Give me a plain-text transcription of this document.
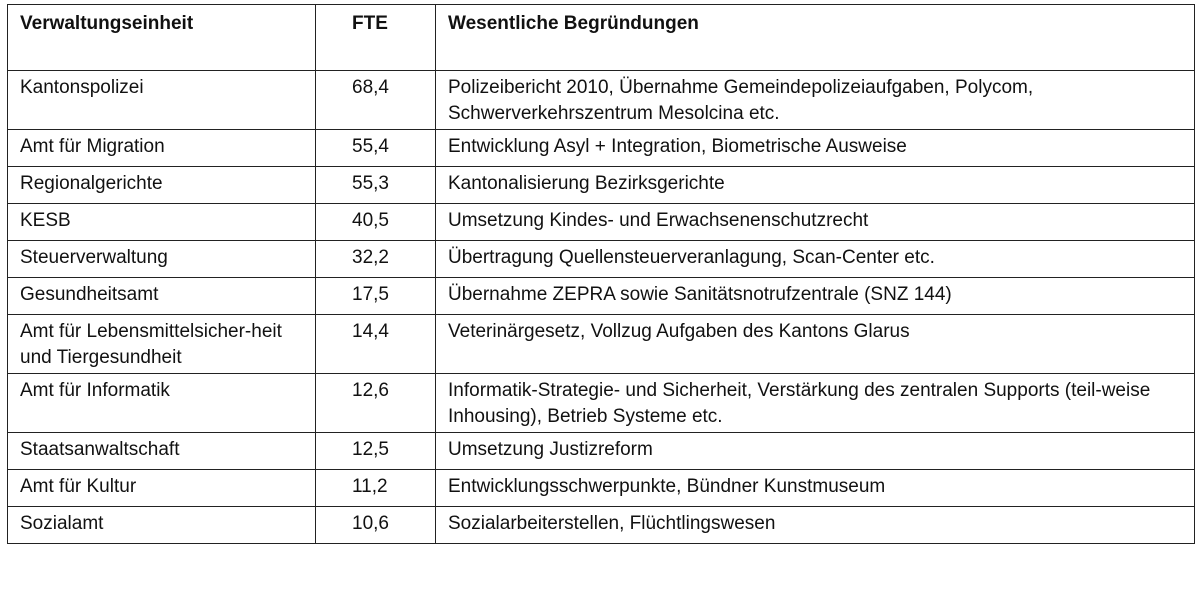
Verwaltungseinheit	FTE	Wesentliche Begründungen
Kantonspolizei	68,4	Polizeibericht 2010, Übernahme Gemeindepolizeiaufgaben, Polycom, Schwerverkehrszentrum Mesolcina etc.
Amt für Migration	55,4	Entwicklung Asyl + Integration, Biometrische Ausweise
Regionalgerichte	55,3	Kantonalisierung Bezirksgerichte
KESB	40,5	Umsetzung Kindes- und Erwachsenenschutzrecht
Steuerverwaltung	32,2	Übertragung Quellensteuerveranlagung, Scan-Center etc.
Gesundheitsamt	17,5	Übernahme ZEPRA sowie Sanitätsnotrufzentrale (SNZ 144)
Amt für Lebensmittelsicher-heit und Tiergesundheit	14,4	Veterinärgesetz, Vollzug Aufgaben des Kantons Glarus
Amt für Informatik	12,6	Informatik-Strategie- und Sicherheit, Verstärkung des zentralen Supports (teil-weise Inhousing), Betrieb Systeme etc.
Staatsanwaltschaft	12,5	Umsetzung Justizreform
Amt für Kultur	11,2	Entwicklungsschwerpunkte, Bündner Kunstmuseum
Sozialamt	10,6	Sozialarbeiterstellen, Flüchtlingswesen
